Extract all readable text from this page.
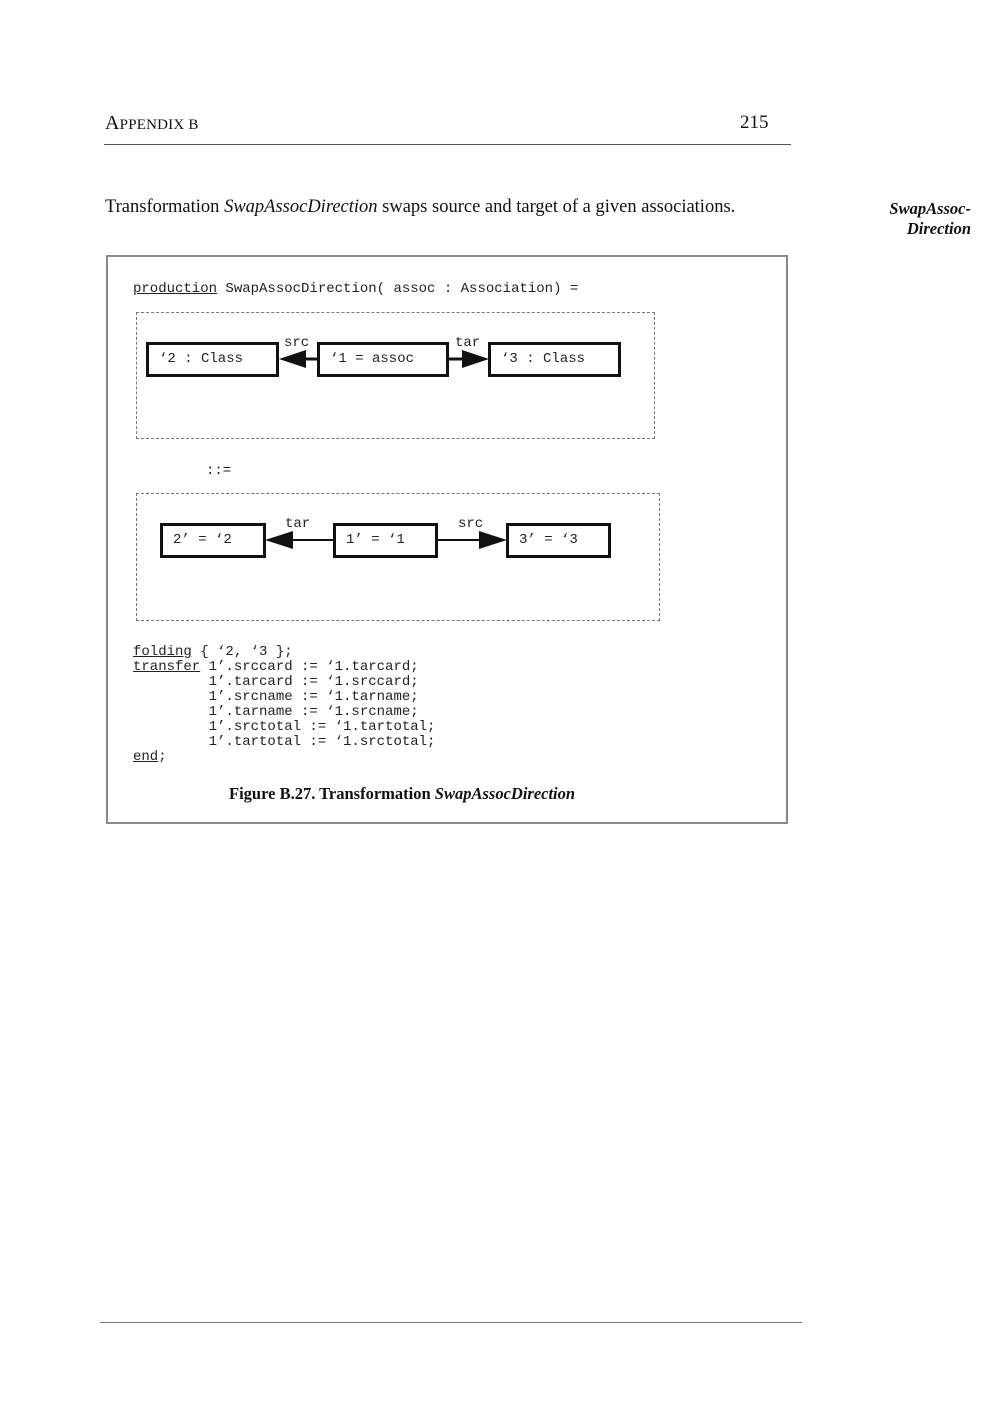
APPENDIX B	215
Transformation SwapAssocDirection swaps source and target of a given associations.	SwapAssoc-
Direction
production SwapAssocDirection( assoc : Association) =
‘2 : Class	‘1 = assoc	‘3 : Class
src	tar
::=
2’ = ‘2	1’ = ‘1	3’ = ‘3
tar	src
folding { ‘2, ‘3 };
transfer 1’.srccard := ‘1.tarcard;
1’.tarcard := ‘1.srccard;
1’.srcname := ‘1.tarname;
1’.tarname := ‘1.srcname;
1’.srctotal := ‘1.tartotal;
1’.tartotal := ‘1.srctotal;
end;
Figure B.27. Transformation SwapAssocDirection
